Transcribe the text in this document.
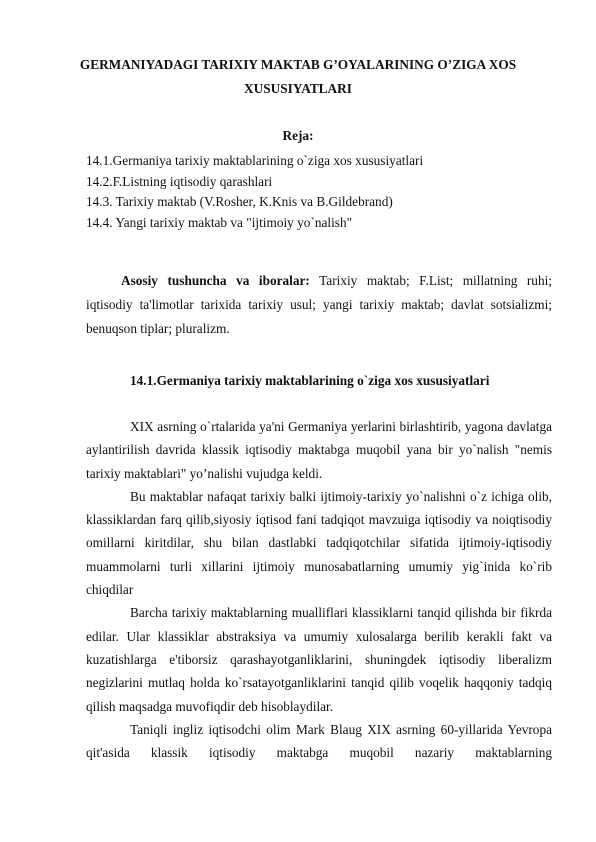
GERMANIYADAGI TARIXIY MAKTAB G’OYALARINING O’ZIGA XOS XUSUSIYATLARI
Reja:
14.1.Germaniya tarixiy maktablarining o`ziga xos xususiyatlari
14.2.F.Listning iqtisodiy qarashlari
14.3. Tarixiy maktab (V.Rosher, K.Knis va B.Gildebrand)
14.4. Yangi tarixiy maktab va "ijtimoiy yo`nalish"
Asosiy tushuncha va iboralar: Tarixiy maktab; F.List; millatning ruhi; iqtisodiy ta'limotlar tarixida tarixiy usul; yangi tarixiy maktab; davlat sotsializmi; benuqson tiplar; pluralizm.
14.1.Germaniya tarixiy maktablarining o`ziga xos xususiyatlari

XIX asrning o`rtalarida ya'ni Germaniya yerlarini birlashtirib, yagona davlatga aylantirilish davrida klassik iqtisodiy maktabga muqobil yana bir yo`nalish "nemis tarixiy maktablari" yo’nalishi vujudga keldi.

Bu maktablar nafaqat tarixiy balki ijtimoiy-tarixiy yo`nalishni o`z ichiga olib, klassiklardan farq qilib,siyosiy iqtisod fani tadqiqot mavzuiga iqtisodiy va noiqtisodiy omillarni kiritdilar, shu bilan dastlabki tadqiqotchilar sifatida ijtimoiy-iqtisodiy muammolarni turli xillarini ijtimoiy munosabatlarning umumiy yig`inida ko`rib chiqdilar

Barcha tarixiy maktablarning mualliflari klassiklarni tanqid qilishda bir fikrda edilar. Ular klassiklar abstraksiya va umumiy xulosalarga berilib kerakli fakt va kuzatishlarga e'tiborsiz qarashayotganliklarini, shuningdek iqtisodiy liberalizm negizlarini mutlaq holda ko`rsatayotganliklarini tanqid qilib voqelik haqqoniy tadqiq qilish maqsadga muvofiqdir deb hisoblaydilar.

Taniqli ingliz iqtisodchi olim Mark Blaug XIX asrning 60-yillarida Yevropa qit'asida klassik iqtisodiy maktabga muqobil nazariy maktablarning
